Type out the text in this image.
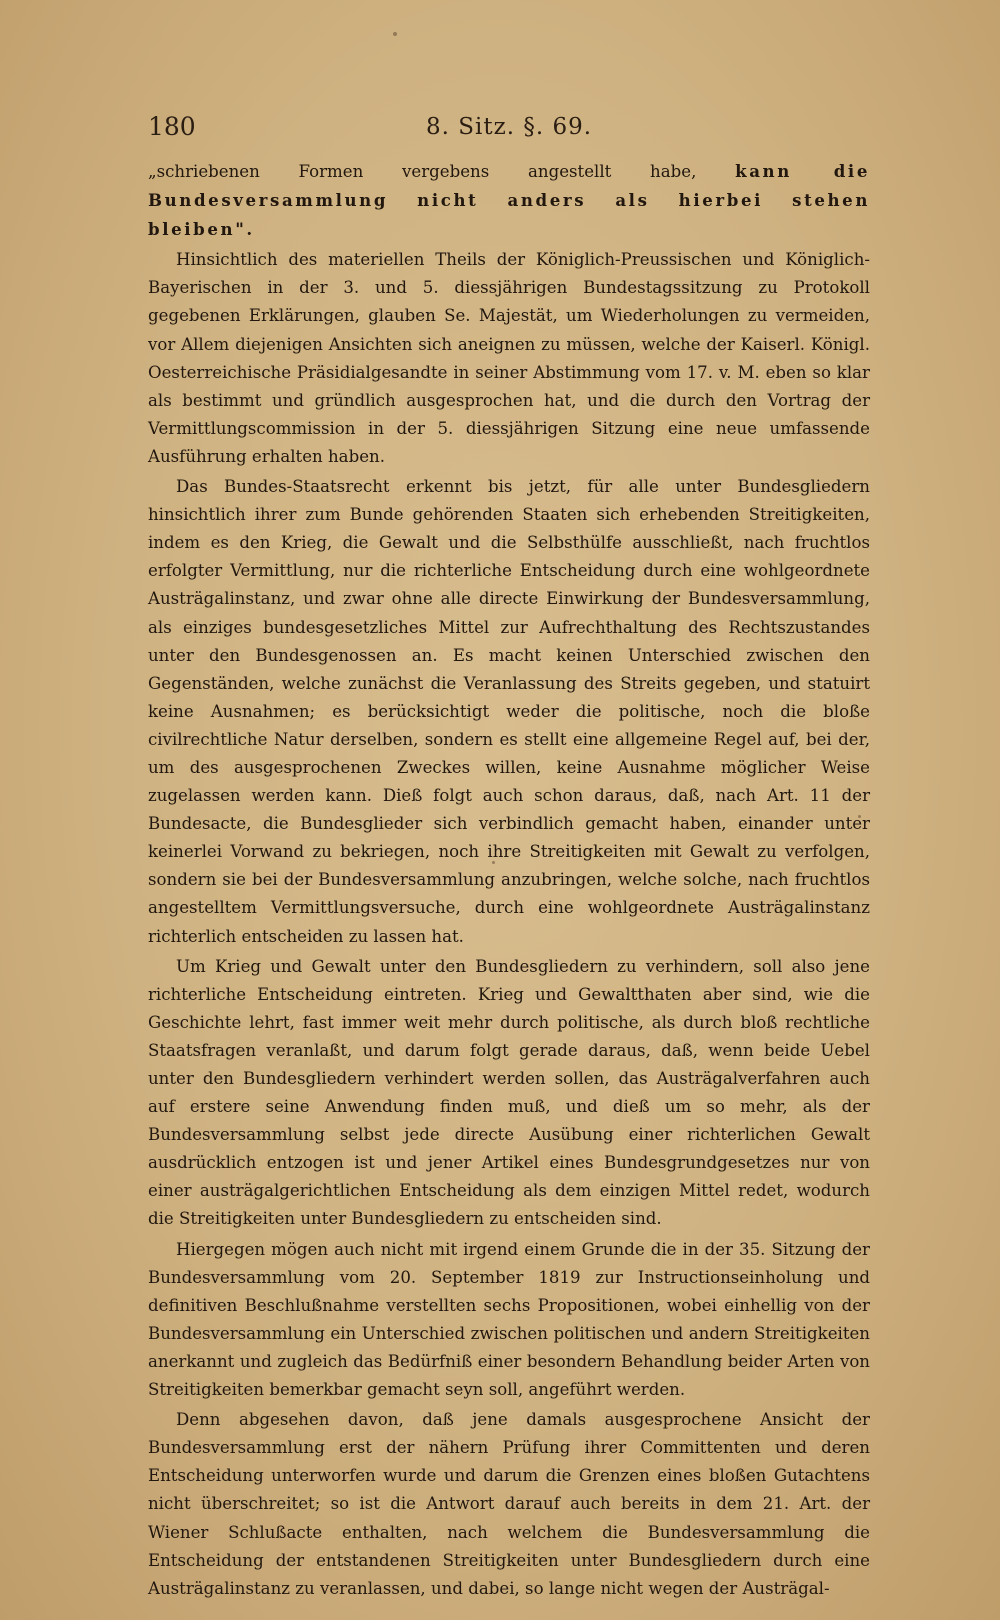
180	8. Sitz. §. 69.

„schriebenen Formen vergebens angestellt habe, kann die Bundesversammlung nicht anders als hierbei stehen bleiben".

Hinsichtlich des materiellen Theils der Königlich-Preussischen und Königlich-Bayerischen in der 3. und 5. diessjährigen Bundestagssitzung zu Protokoll gegebenen Erklärungen, glauben Se. Majestät, um Wiederholungen zu vermeiden, vor Allem diejenigen Ansichten sich aneignen zu müssen, welche der Kaiserl. Königl. Oesterreichische Präsidialgesandte in seiner Abstimmung vom 17. v. M. eben so klar als bestimmt und gründlich ausgesprochen hat, und die durch den Vortrag der Vermittlungscommission in der 5. diessjährigen Sitzung eine neue umfassende Ausführung erhalten haben.

Das Bundes-Staatsrecht erkennt bis jetzt, für alle unter Bundesgliedern hinsichtlich ihrer zum Bunde gehörenden Staaten sich erhebenden Streitigkeiten, indem es den Krieg, die Gewalt und die Selbsthülfe ausschließt, nach fruchtlos erfolgter Vermittlung, nur die richterliche Entscheidung durch eine wohlgeordnete Austrägalinstanz, und zwar ohne alle directe Einwirkung der Bundesversammlung, als einziges bundesgesetzliches Mittel zur Aufrechthaltung des Rechtszustandes unter den Bundesgenossen an. Es macht keinen Unterschied zwischen den Gegenständen, welche zunächst die Veranlassung des Streits gegeben, und statuirt keine Ausnahmen; es berücksichtigt weder die politische, noch die bloße civilrechtliche Natur derselben, sondern es stellt eine allgemeine Regel auf, bei der, um des ausgesprochenen Zweckes willen, keine Ausnahme möglicher Weise zugelassen werden kann. Dieß folgt auch schon daraus, daß, nach Art. 11 der Bundesacte, die Bundesglieder sich verbindlich gemacht haben, einander unter keinerlei Vorwand zu bekriegen, noch ihre Streitigkeiten mit Gewalt zu verfolgen, sondern sie bei der Bundesversammlung anzubringen, welche solche, nach fruchtlos angestelltem Vermittlungsversuche, durch eine wohlgeordnete Austrägalinstanz richterlich entscheiden zu lassen hat.

Um Krieg und Gewalt unter den Bundesgliedern zu verhindern, soll also jene richterliche Entscheidung eintreten. Krieg und Gewaltthaten aber sind, wie die Geschichte lehrt, fast immer weit mehr durch politische, als durch bloß rechtliche Staatsfragen veranlaßt, und darum folgt gerade daraus, daß, wenn beide Uebel unter den Bundesgliedern verhindert werden sollen, das Austrägalverfahren auch auf erstere seine Anwendung finden muß, und dieß um so mehr, als der Bundesversammlung selbst jede directe Ausübung einer richterlichen Gewalt ausdrücklich entzogen ist und jener Artikel eines Bundesgrundgesetzes nur von einer austrägalgerichtlichen Entscheidung als dem einzigen Mittel redet, wodurch die Streitigkeiten unter Bundesgliedern zu entscheiden sind.

Hiergegen mögen auch nicht mit irgend einem Grunde die in der 35. Sitzung der Bundesversammlung vom 20. September 1819 zur Instructionseinholung und definitiven Beschlußnahme verstellten sechs Propositionen, wobei einhellig von der Bundesversammlung ein Unterschied zwischen politischen und andern Streitigkeiten anerkannt und zugleich das Bedürfniß einer besondern Behandlung beider Arten von Streitigkeiten bemerkbar gemacht seyn soll, angeführt werden.

Denn abgesehen davon, daß jene damals ausgesprochene Ansicht der Bundesversammlung erst der nähern Prüfung ihrer Committenten und deren Entscheidung unterworfen wurde und darum die Grenzen eines bloßen Gutachtens nicht überschreitet; so ist die Antwort darauf auch bereits in dem 21. Art. der Wiener Schlußacte enthalten, nach welchem die Bundesversammlung die Entscheidung der entstandenen Streitigkeiten unter Bundesgliedern durch eine Austrägalinstanz zu veranlassen, und dabei, so lange nicht wegen der Austrägal-
